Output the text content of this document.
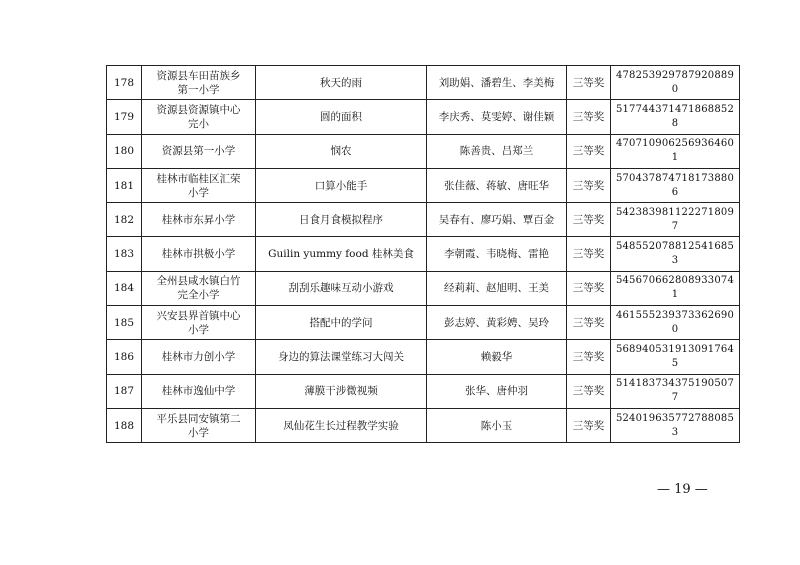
178	资源县车田苗族乡第一小学	秋天的雨	刘助娟、潘碧生、李美梅	三等奖	4782539297879208890
179	资源县资源镇中心完小	圆的面积	李庆秀、莫雯婷、谢佳颖	三等奖	5177443714718688528
180	资源县第一小学	悯农	陈善贵、吕郑兰	三等奖	4707109062569364601
181	桂林市临桂区汇荣小学	口算小能手	张佳薇、蒋敏、唐旺华	三等奖	5704378747181738806
182	桂林市东昇小学	日食月食模拟程序	吴春有、廖巧娟、覃百金	三等奖	5423839811222718097
183	桂林市拱极小学	Guilin yummy food 桂林美食	李朝霞、韦晓梅、雷艳	三等奖	5485520788125416853
184	全州县咸水镇白竹完全小学	刮刮乐趣味互动小游戏	经莉莉、赵旭明、王美	三等奖	5456706628089330741
185	兴安县界首镇中心小学	搭配中的学问	彭志婷、黄彩娉、吴玲	三等奖	4615552393733626900
186	桂林市力创小学	身边的算法课堂练习大闯关	赖毅华	三等奖	5689405319130917645
187	桂林市逸仙中学	薄膜干涉微视频	张华、唐仲羽	三等奖	5141837343751905077
188	平乐县同安镇第二小学	凤仙花生长过程教学实验	陈小玉	三等奖	5240196357727880853
— 19 —
